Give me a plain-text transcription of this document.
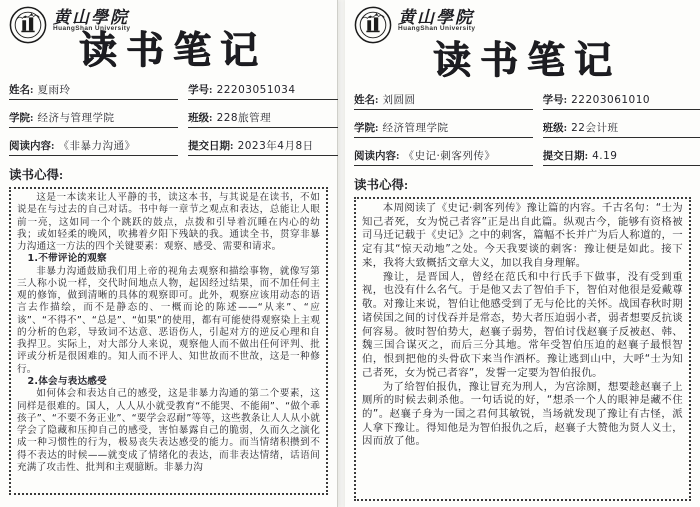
黄山學院
HuangShan University
读书笔记
姓名: 夏雨玲	学号: 22203051034
学院: 经济与管理学院	班级: 228旅管理
阅读内容: 《非暴力沟通》	提交日期: 2023年4月8日
读书心得:

这是一本读来让人平静的书，读这本书，与其说是在读书，不如说是在与过去的自己对话。书中每一章节之观点和表达，总能让人眼前一亮，这如同一个个跳跃的鼓点，点拨和引导着沉睡在内心的幼我；或如轻柔的晚风，吹拂着夕阳下残缺的我。通读全书，贯穿非暴力沟通这一方法的四个关键要素：观察、感受、需要和请求。

1.不带评论的观察

非暴力沟通鼓励我们用上帝的视角去观察和描绘事物，就像写第三人称小说一样，交代时间地点人物，起因经过结果，而不加任何主观的修饰，做到清晰的具体的观察即可。此外，观察应该用动态的语言去作描绘，而不是静态的、一概而论的陈述——“从来”、“应该”、“不得不”、“总是”、“如果”的使用，都有可能使得观察染上主观的分析的色彩，导致词不达意、恶语伤人，引起对方的逆反心理和自我捍卫。实际上，对大部分人来说，观察他人而不做出任何评判、批评或分析是很困难的。知人而不评人、知世故而不世故，这是一种修行。

2.体会与表达感受

如何体会和表达自己的感受，这是非暴力沟通的第二个要素，这同样是很难的。国人，人人从小就受教育“不能哭、不能闹”、“做个乖孩子”、“不要不务正业”、“要学会忍耐”等等，这些教条让人人从小就学会了隐藏和压抑自己的感受，害怕暴露自己的脆弱，久而久之演化成一种习惯性的行为，极易丧失表达感受的能力。而当情绪积攒到不得不表达的时候——就变成了情绪化的表达，而非表达情绪，话语间充满了攻击性、批判和主观臆断。非暴力沟

黄山學院
HuangShan University
读书笔记
姓名: 刘圆圆	学号: 22203061010
学院: 经济管理学院	班级: 22会计班
阅读内容: 《史记·刺客列传》	提交日期: 4.19
读书心得:

本周阅读了《史记·刺客列传》豫让篇的内容。千古名句：“士为知己者死，女为悦己者容”正是出自此篇。纵观古今，能够有资格被司马迁记载于《史记》之中的刺客，篇幅不长并广为后人称道的，一定有其“惊天动地”之处。今天我要谈的刺客：豫让便是如此。接下来，我将大致概括文章大义，加以我自身理解。

豫让，是晋国人，曾经在范氏和中行氏手下做事，没有受到重视，也没有什么名气。于是他又去了智伯手下，智伯对他很是爱戴尊敬。对豫让来说，智伯让他感受到了无与伦比的关怀。战国春秋时期诸侯国之间的讨伐吞并是常态，势大者压迫弱小者，弱者想要反抗谈何容易。彼时智伯势大，赵襄子弱势，智伯讨伐赵襄子反被赵、韩、魏三国合谋灭之，而后三分其地。常年受智伯压迫的赵襄子最恨智伯，恨到把他的头骨砍下来当作酒杯。豫让逃到山中，大呼“士为知己者死，女为悦己者容”，发誓一定要为智伯报仇。

为了给智伯报仇，豫让冒充为刑人，为宫涂厕，想要趁赵襄子上厕所的时候去刺杀他。一句话说的好，“想杀一个人的眼神是藏不住的”。赵襄子身为一国之君何其敏锐，当场就发现了豫让有古怪，派人拿下豫让。得知他是为智伯报仇之后，赵襄子大赞他为贤人义士，因而放了他。
